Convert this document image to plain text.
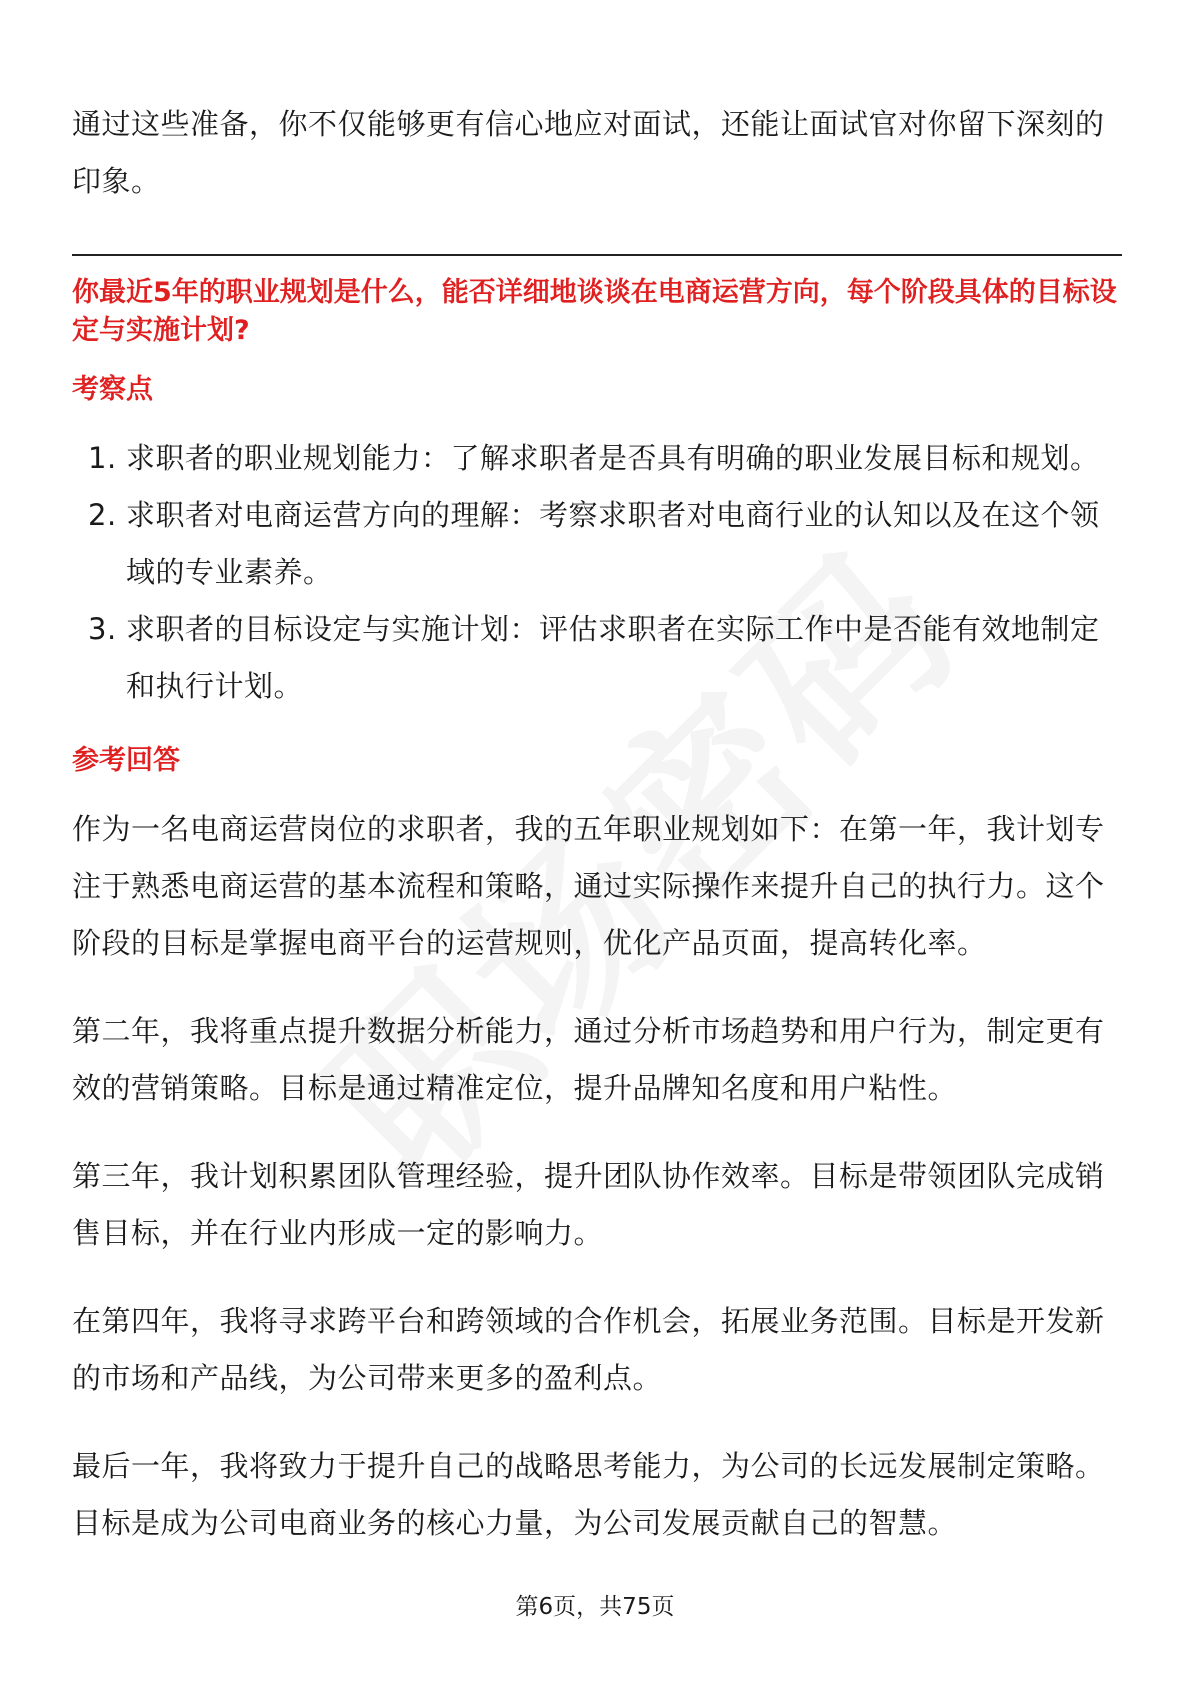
通过这些准备，你不仅能够更有信心地应对面试，还能让面试官对你留下深刻的印象。

你最近5年的职业规划是什么，能否详细地谈谈在电商运营方向，每个阶段具体的目标设定与实施计划?

考察点

1. 求职者的职业规划能力：了解求职者是否具有明确的职业发展目标和规划。
2. 求职者对电商运营方向的理解：考察求职者对电商行业的认知以及在这个领域的专业素养。
3. 求职者的目标设定与实施计划：评估求职者在实际工作中是否能有效地制定和执行计划。

参考回答

作为一名电商运营岗位的求职者，我的五年职业规划如下：在第一年，我计划专注于熟悉电商运营的基本流程和策略，通过实际操作来提升自己的执行力。这个阶段的目标是掌握电商平台的运营规则，优化产品页面，提高转化率。

第二年，我将重点提升数据分析能力，通过分析市场趋势和用户行为，制定更有效的营销策略。目标是通过精准定位，提升品牌知名度和用户粘性。

第三年，我计划积累团队管理经验，提升团队协作效率。目标是带领团队完成销售目标，并在行业内形成一定的影响力。

在第四年，我将寻求跨平台和跨领域的合作机会，拓展业务范围。目标是开发新的市场和产品线，为公司带来更多的盈利点。

最后一年，我将致力于提升自己的战略思考能力，为公司的长远发展制定策略。目标是成为公司电商业务的核心力量，为公司发展贡献自己的智慧。

第6页，共75页
